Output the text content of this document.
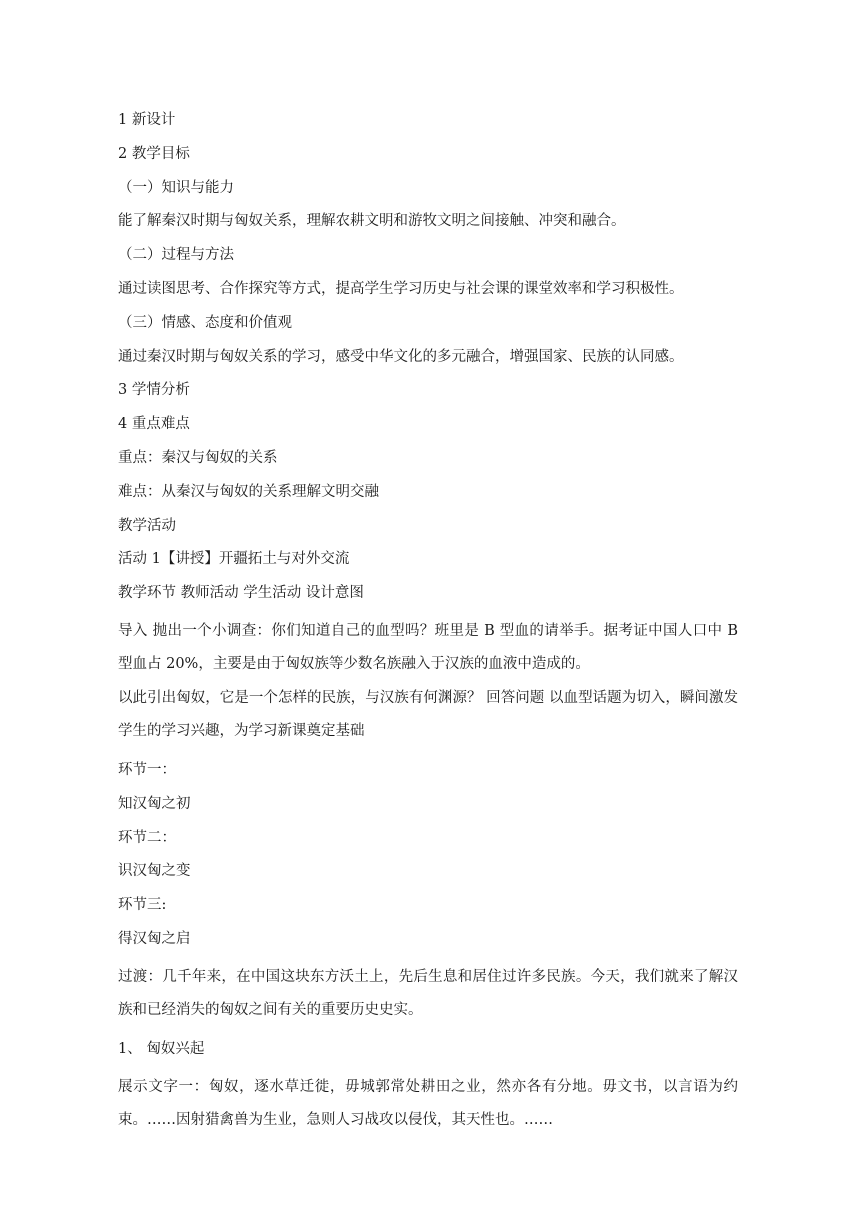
1 新设计

2 教学目标

（一）知识与能力

能了解秦汉时期与匈奴关系，理解农耕文明和游牧文明之间接触、冲突和融合。

（二）过程与方法

通过读图思考、合作探究等方式，提高学生学习历史与社会课的课堂效率和学习积极性。

（三）情感、态度和价值观

通过秦汉时期与匈奴关系的学习，感受中华文化的多元融合，增强国家、民族的认同感。

3 学情分析

4 重点难点

重点：秦汉与匈奴的关系

难点：从秦汉与匈奴的关系理解文明交融

教学活动

活动 1【讲授】开疆拓土与对外交流

教学环节 教师活动 学生活动 设计意图

导入 抛出一个小调查：你们知道自己的血型吗？班里是 B 型血的请举手。据考证中国人口中 B 型血占 20%，主要是由于匈奴族等少数名族融入于汉族的血液中造成的。

以此引出匈奴，它是一个怎样的民族，与汉族有何渊源？ 回答问题 以血型话题为切入，瞬间激发学生的学习兴趣，为学习新课奠定基础

环节一：

知汉匈之初

环节二：

识汉匈之变

环节三:

得汉匈之启

过渡：几千年来，在中国这块东方沃土上，先后生息和居住过许多民族。今天，我们就来了解汉族和已经消失的匈奴之间有关的重要历史史实。

1、 匈奴兴起

展示文字一：匈奴，逐水草迁徙，毋城郭常处耕田之业，然亦各有分地。毋文书，以言语为约束。……因射猎禽兽为生业，急则人习战攻以侵伐，其天性也。……
